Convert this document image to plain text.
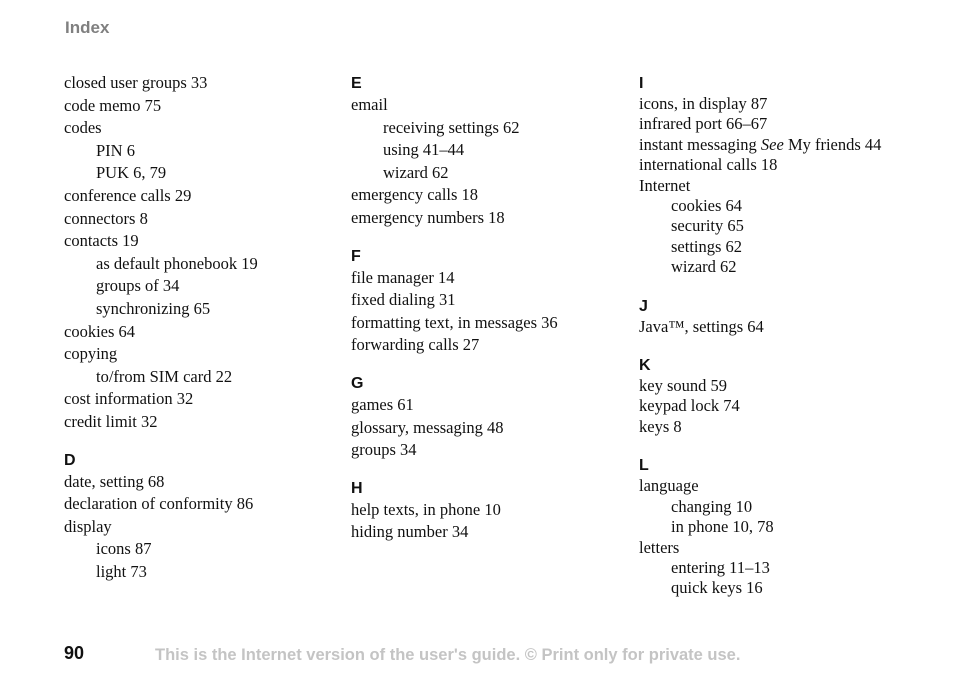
Index
closed user groups 33
code memo 75
codes
PIN 6
PUK 6, 79
conference calls 29
connectors 8
contacts 19
as default phonebook 19
groups of 34
synchronizing 65
cookies 64
copying
to/from SIM card 22
cost information 32
credit limit 32
D
date, setting 68
declaration of conformity 86
display
icons 87
light 73
E
email
receiving settings 62
using 41–44
wizard 62
emergency calls 18
emergency numbers 18
F
file manager 14
fixed dialing 31
formatting text, in messages 36
forwarding calls 27
G
games 61
glossary, messaging 48
groups 34
H
help texts, in phone 10
hiding number 34
I
icons, in display 87
infrared port 66–67
instant messaging See My friends 44
international calls 18
Internet
cookies 64
security 65
settings 62
wizard 62
J
Java™, settings 64
K
key sound 59
keypad lock 74
keys 8
L
language
changing 10
in phone 10, 78
letters
entering 11–13
quick keys 16
90	This is the Internet version of the user's guide. © Print only for private use.
